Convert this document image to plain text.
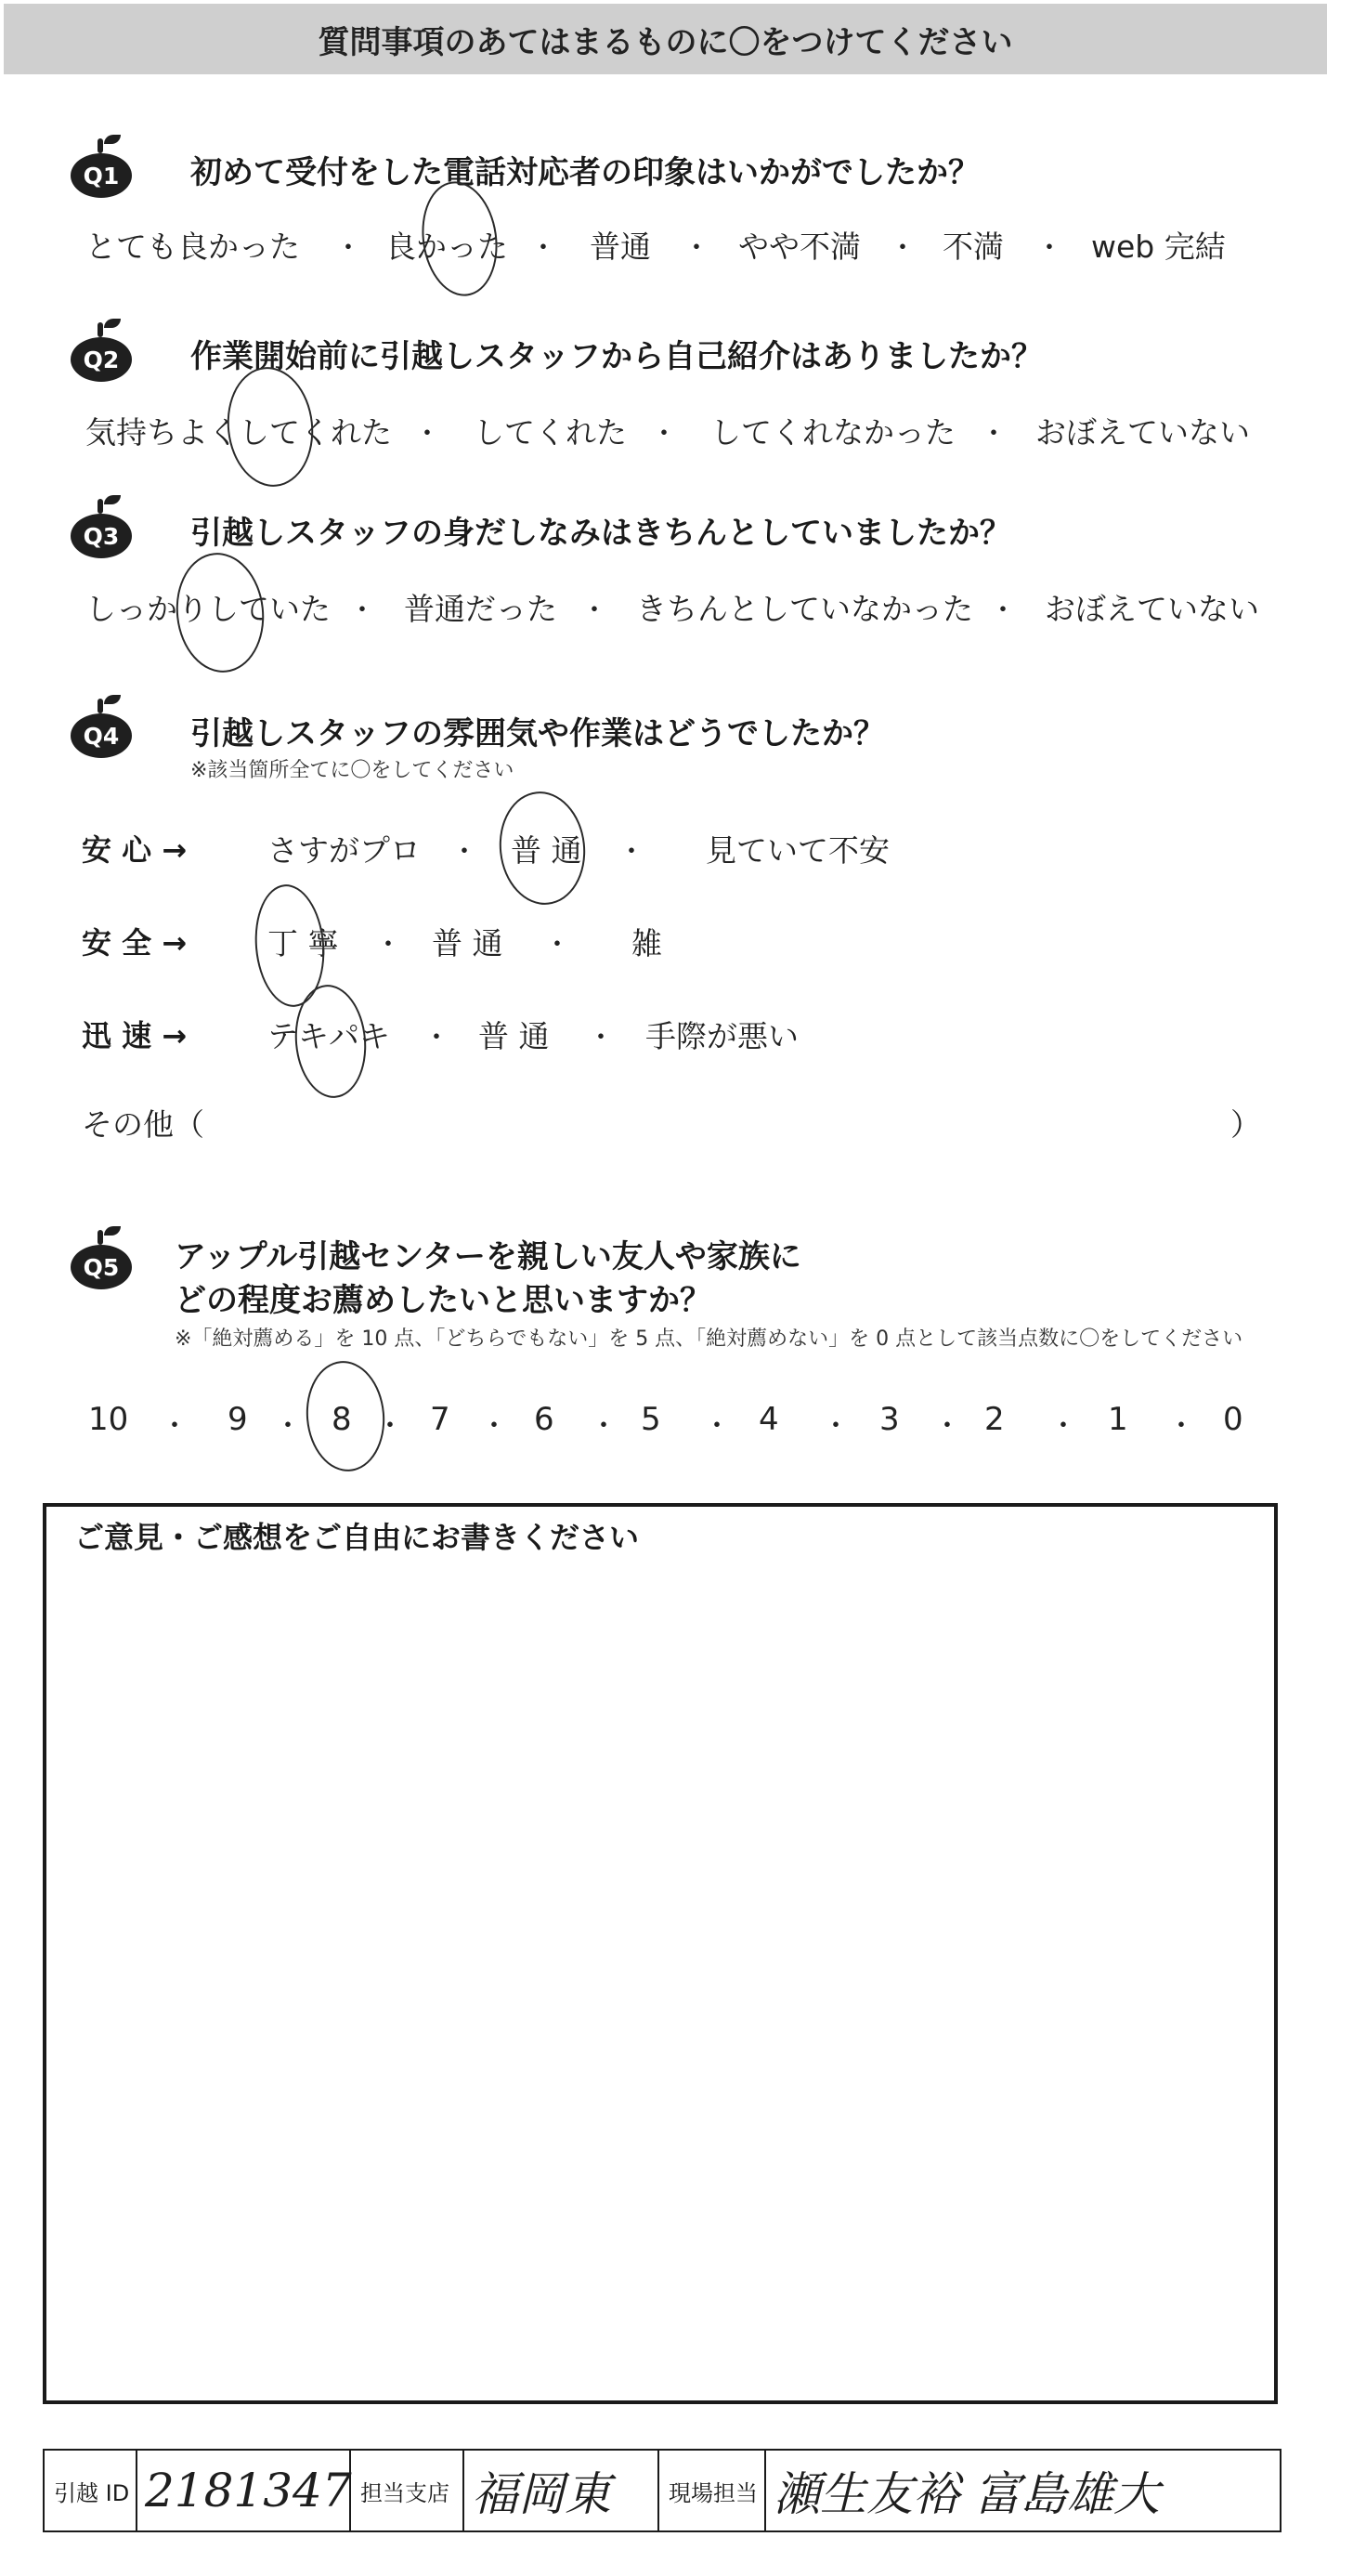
質問事項のあてはまるものに〇をつけてください
Q1 初めて受付をした電話対応者の印象はいかがでしたか？
とても良かった ・ 良かった ・ 普通 ・ やや不満 ・ 不満 ・ web 完結
Q2 作業開始前に引越しスタッフから自己紹介はありましたか？
気持ちよくしてくれた ・ してくれた ・ してくれなかった ・ おぼえていない
Q3 引越しスタッフの身だしなみはきちんとしていましたか？
しっかりしていた ・ 普通だった ・ きちんとしていなかった ・ おぼえていない
Q4 引越しスタッフの雰囲気や作業はどうでしたか？
※該当箇所全てに〇をしてください
安 心 →	さすがプロ ・ 普 通 ・ 見ていて不安
安 全 →	丁 寧 ・ 普 通 ・ 雑
迅 速 →	テキパキ ・ 普 通 ・ 手際が悪い
その他（	）
Q5 アップル引越センターを親しい友人や家族に
どの程度お薦めしたいと思いますか？
※「絶対薦める」を 10 点、「どちらでもない」を 5 点、「絶対薦めない」を 0 点として該当点数に〇をしてください
10 ・ 9 ・ 8 ・ 7 ・ 6 ・ 5 ・ 4 ・ 3 ・ 2 ・ 1 ・ 0
ご意見・ご感想をご自由にお書きください
引越 ID 2181347 担当支店 福岡東	現場担当 瀬生友裕 富島雄大
